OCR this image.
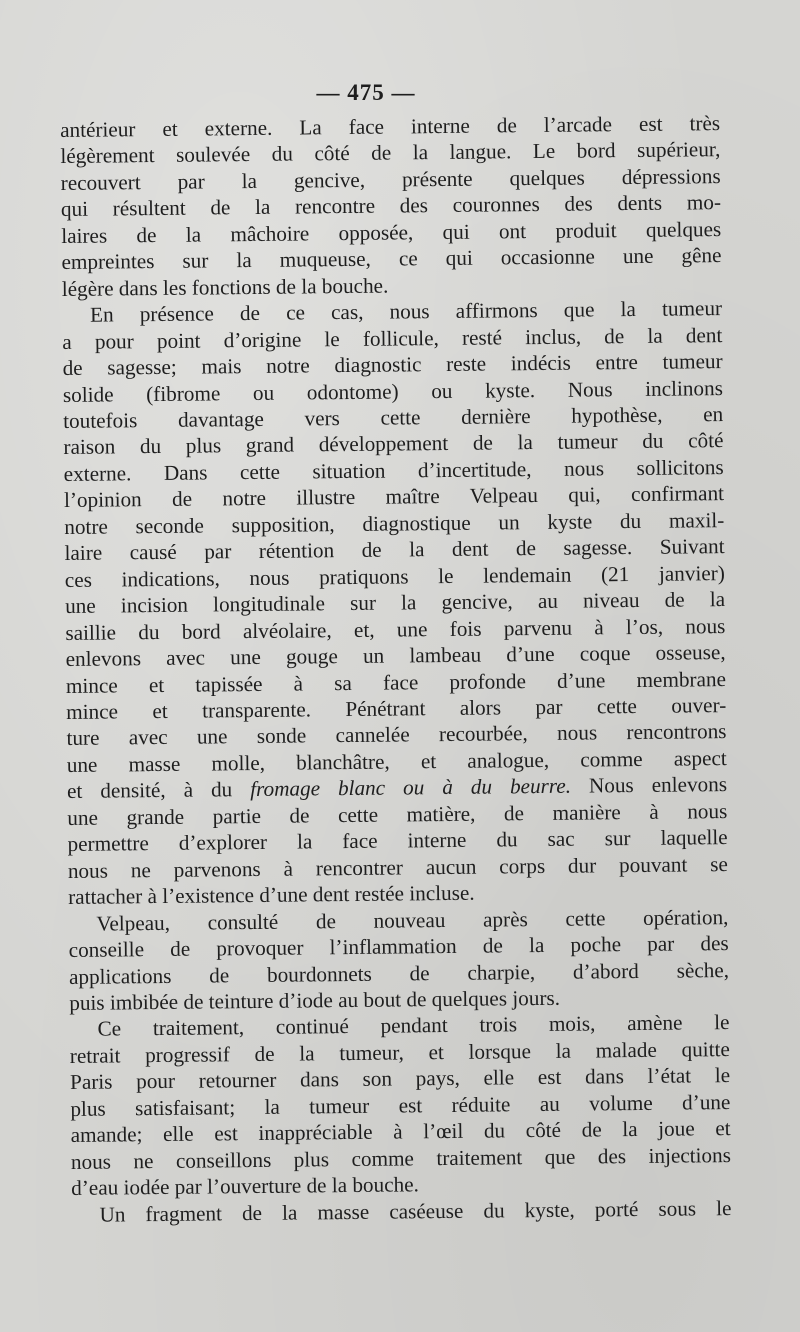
— 475 —
antérieur et externe. La face interne de l’arcade est très
légèrement soulevée du côté de la langue. Le bord supérieur,
recouvert par la gencive, présente quelques dépressions
qui résultent de la rencontre des couronnes des dents mo-
laires de la mâchoire opposée, qui ont produit quelques
empreintes sur la muqueuse, ce qui occasionne une gêne
légère dans les fonctions de la bouche.
En présence de ce cas, nous affirmons que la tumeur
a pour point d’origine le follicule, resté inclus, de la dent
de sagesse; mais notre diagnostic reste indécis entre tumeur
solide (fibrome ou odontome) ou kyste. Nous inclinons
toutefois davantage vers cette dernière hypothèse, en
raison du plus grand développement de la tumeur du côté
externe. Dans cette situation d’incertitude, nous sollicitons
l’opinion de notre illustre maître Velpeau qui, confirmant
notre seconde supposition, diagnostique un kyste du maxil-
laire causé par rétention de la dent de sagesse. Suivant
ces indications, nous pratiquons le lendemain (21 janvier)
une incision longitudinale sur la gencive, au niveau de la
saillie du bord alvéolaire, et, une fois parvenu à l’os, nous
enlevons avec une gouge un lambeau d’une coque osseuse,
mince et tapissée à sa face profonde d’une membrane
mince et transparente. Pénétrant alors par cette ouver-
ture avec une sonde cannelée recourbée, nous rencontrons
une masse molle, blanchâtre, et analogue, comme aspect
et densité, à du fromage blanc ou à du beurre. Nous enlevons
une grande partie de cette matière, de manière à nous
permettre d’explorer la face interne du sac sur laquelle
nous ne parvenons à rencontrer aucun corps dur pouvant se
rattacher à l’existence d’une dent restée incluse.
Velpeau, consulté de nouveau après cette opération,
conseille de provoquer l’inflammation de la poche par des
applications de bourdonnets de charpie, d’abord sèche,
puis imbibée de teinture d’iode au bout de quelques jours.
Ce traitement, continué pendant trois mois, amène le
retrait progressif de la tumeur, et lorsque la malade quitte
Paris pour retourner dans son pays, elle est dans l’état le
plus satisfaisant; la tumeur est réduite au volume d’une
amande; elle est inappréciable à l’œil du côté de la joue et
nous ne conseillons plus comme traitement que des injections
d’eau iodée par l’ouverture de la bouche.
Un fragment de la masse caséeuse du kyste, porté sous le
